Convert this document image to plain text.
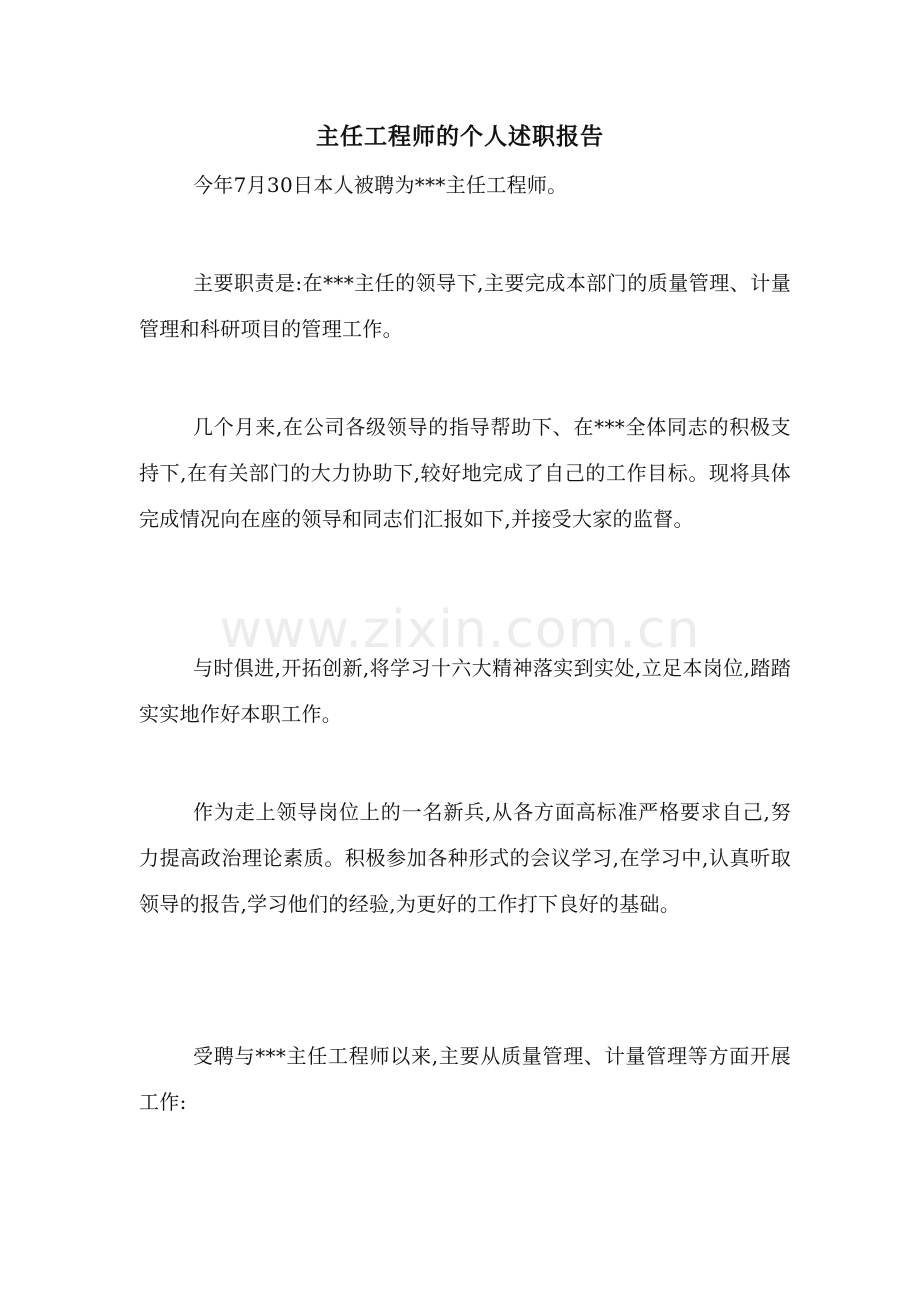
主任工程师的个人述职报告

今年7月30日本人被聘为***主任工程师。

主要职责是:在***主任的领导下,主要完成本部门的质量管理、计量管理和科研项目的管理工作。

几个月来,在公司各级领导的指导帮助下、在***全体同志的积极支持下,在有关部门的大力协助下,较好地完成了自己的工作目标。现将具体完成情况向在座的领导和同志们汇报如下,并接受大家的监督。

与时俱进,开拓创新,将学习十六大精神落实到实处,立足本岗位,踏踏实实地作好本职工作。

作为走上领导岗位上的一名新兵,从各方面高标准严格要求自己,努力提高政治理论素质。积极参加各种形式的会议学习,在学习中,认真听取领导的报告,学习他们的经验,为更好的工作打下良好的基础。

受聘与***主任工程师以来,主要从质量管理、计量管理等方面开展工作:

www.zixin.com.cn
